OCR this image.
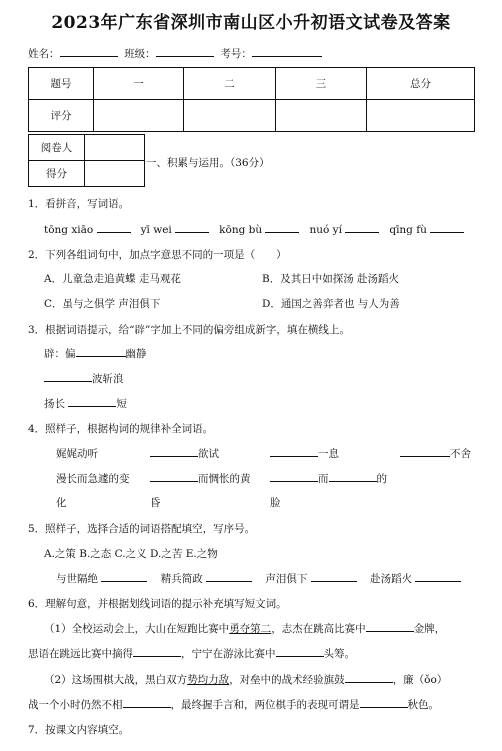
2023年广东省深圳市南山区小升初语文试卷及答案
姓名：	班级：	考号：
题号	一	二	三	总分
评分				
阅卷人	
得分	
一、积累与运用。（36分）
1．看拼音，写词语。
tōng xiāo	yī wei	kōng bù	nuó yí	qīng fù
2．下列各组词句中，加点字意思不同的一项是（　　）
A．儿童急走追黄蝶 走马观花	B．及其日中如探汤 赴汤蹈火
C．虽与之俱学 声泪俱下	D．通国之善弈者也 与人为善
3．根据词语提示，给“辟”字加上不同的偏旁组成新字，填在横线上。
辟：偏	幽静
波斩浪
扬长	短
4．照样子，根据构词的规律补全词语。
娓娓动听	欲试	一息	不舍
漫长而急遽的变	而惆怅的黄	而	的
化	昏	脸
5．照样子，选择合适的词语搭配填空，写序号。
A.之策 B.之态 C.之义 D.之苦 E.之物
与世隔绝	精兵简政	声泪俱下	赴汤蹈火
6．理解句意，并根据划线词语的提示补充填写短文词。
（1）全校运动会上，大山在短跑比赛中勇夺第二，志杰在跳高比赛中	金牌，
思语在跳远比赛中摘得	，宁宁在游泳比赛中	头筹。
（2）这场围棋大战，黑白双方势均力敌，对垒中的战术经验旗鼓	，廉（ǒo）
战一个小时仍然不相	，最终握手言和，两位棋手的表现可谓是	秋色。
7．按课文内容填空。
